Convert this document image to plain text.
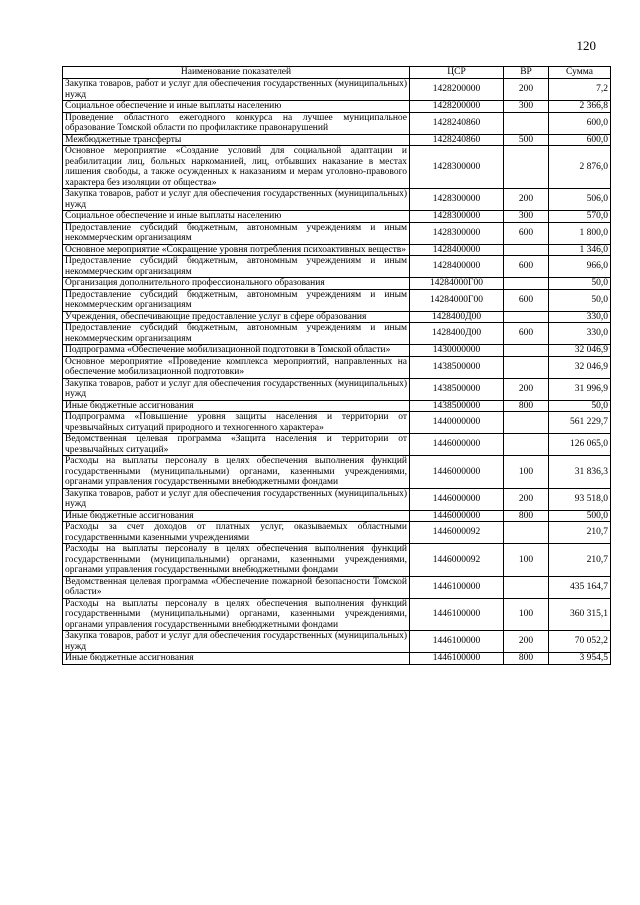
120
Наименование показателей	ЦСР	ВР	Сумма
Закупка товаров, работ и услуг для обеспечения государственных (муниципальных) нужд	1428200000	200	7,2
Социальное обеспечение и иные выплаты населению	1428200000	300	2 366,8
Проведение областного ежегодного конкурса на лучшее муниципальное образование Томской области по профилактике правонарушений	1428240860		600,0
Межбюджетные трансферты	1428240860	500	600,0
Основное мероприятие «Создание условий для социальной адаптации и реабилитации лиц, больных наркоманией, лиц, отбывших наказание в местах лишения свободы, а также осужденных к наказаниям и мерам уголовно-правового характера без изоляции от общества»	1428300000		2 876,0
Закупка товаров, работ и услуг для обеспечения государственных (муниципальных) нужд	1428300000	200	506,0
Социальное обеспечение и иные выплаты населению	1428300000	300	570,0
Предоставление субсидий бюджетным, автономным учреждениям и иным некоммерческим организациям	1428300000	600	1 800,0
Основное мероприятие «Сокращение уровня потребления психоактивных веществ»	1428400000		1 346,0
Предоставление субсидий бюджетным, автономным учреждениям и иным некоммерческим организациям	1428400000	600	966,0
Организация дополнительного профессионального образования	14284000Г00		50,0
Предоставление субсидий бюджетным, автономным учреждениям и иным некоммерческим организациям	14284000Г00	600	50,0
Учреждения, обеспечивающие предоставление услуг в сфере образования	1428400Д00		330,0
Предоставление субсидий бюджетным, автономным учреждениям и иным некоммерческим организациям	1428400Д00	600	330,0
Подпрограмма «Обеспечение мобилизационной подготовки в Томской области»	1430000000		32 046,9
Основное мероприятие «Проведение комплекса мероприятий, направленных на обеспечение мобилизационной подготовки»	1438500000		32 046,9
Закупка товаров, работ и услуг для обеспечения государственных (муниципальных) нужд	1438500000	200	31 996,9
Иные бюджетные ассигнования	1438500000	800	50,0
Подпрограмма «Повышение уровня защиты населения и территории от чрезвычайных ситуаций природного и техногенного характера»	1440000000		561 229,7
Ведомственная целевая программа «Защита населения и территории от чрезвычайных ситуаций»	1446000000		126 065,0
Расходы на выплаты персоналу в целях обеспечения выполнения функций государственными (муниципальными) органами, казенными учреждениями, органами управления государственными внебюджетными фондами	1446000000	100	31 836,3
Закупка товаров, работ и услуг для обеспечения государственных (муниципальных) нужд	1446000000	200	93 518,0
Иные бюджетные ассигнования	1446000000	800	500,0
Расходы за счет доходов от платных услуг, оказываемых областными государственными казенными учреждениями	1446000092		210,7
Расходы на выплаты персоналу в целях обеспечения выполнения функций государственными (муниципальными) органами, казенными учреждениями, органами управления государственными внебюджетными фондами	1446000092	100	210,7
Ведомственная целевая программа «Обеспечение пожарной безопасности Томской области»	1446100000		435 164,7
Расходы на выплаты персоналу в целях обеспечения выполнения функций государственными (муниципальными) органами, казенными учреждениями, органами управления государственными внебюджетными фондами	1446100000	100	360 315,1
Закупка товаров, работ и услуг для обеспечения государственных (муниципальных) нужд	1446100000	200	70 052,2
Иные бюджетные ассигнования	1446100000	800	3 954,5
